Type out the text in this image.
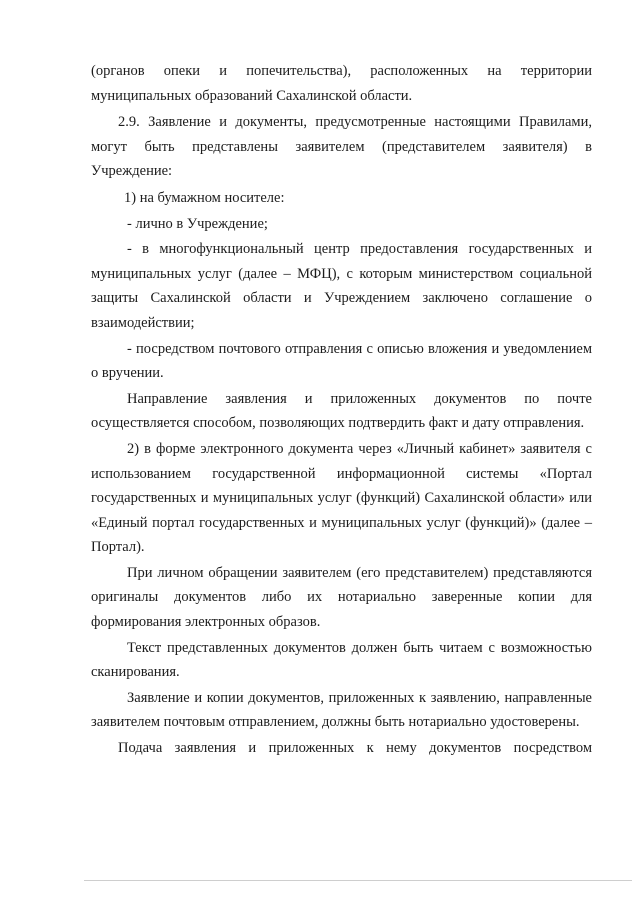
(органов опеки и попечительства), расположенных на территории муниципальных образований Сахалинской области.

2.9. Заявление и документы, предусмотренные настоящими Правилами, могут быть представлены заявителем (представителем заявителя) в Учреждение:

1) на бумажном носителе:

- лично в Учреждение;

- в многофункциональный центр предоставления государственных и муниципальных услуг (далее – МФЦ), с которым министерством социальной защиты Сахалинской области и Учреждением заключено соглашение о взаимодействии;

- посредством почтового отправления с описью вложения и уведомлением о вручении.

Направление заявления и приложенных документов по почте осуществляется способом, позволяющих подтвердить факт и дату отправления.

2) в форме электронного документа через «Личный кабинет» заявителя с использованием государственной информационной системы «Портал государственных и муниципальных услуг (функций) Сахалинской области» или «Единый портал государственных и муниципальных услуг (функций)» (далее – Портал).

При личном обращении заявителем (его представителем) представляются оригиналы документов либо их нотариально заверенные копии для формирования электронных образов.

Текст представленных документов должен быть читаем с возможностью сканирования.

Заявление и копии документов, приложенных к заявлению, направленные заявителем почтовым отправлением, должны быть нотариально удостоверены.

Подача заявления и приложенных к нему документов посредством
